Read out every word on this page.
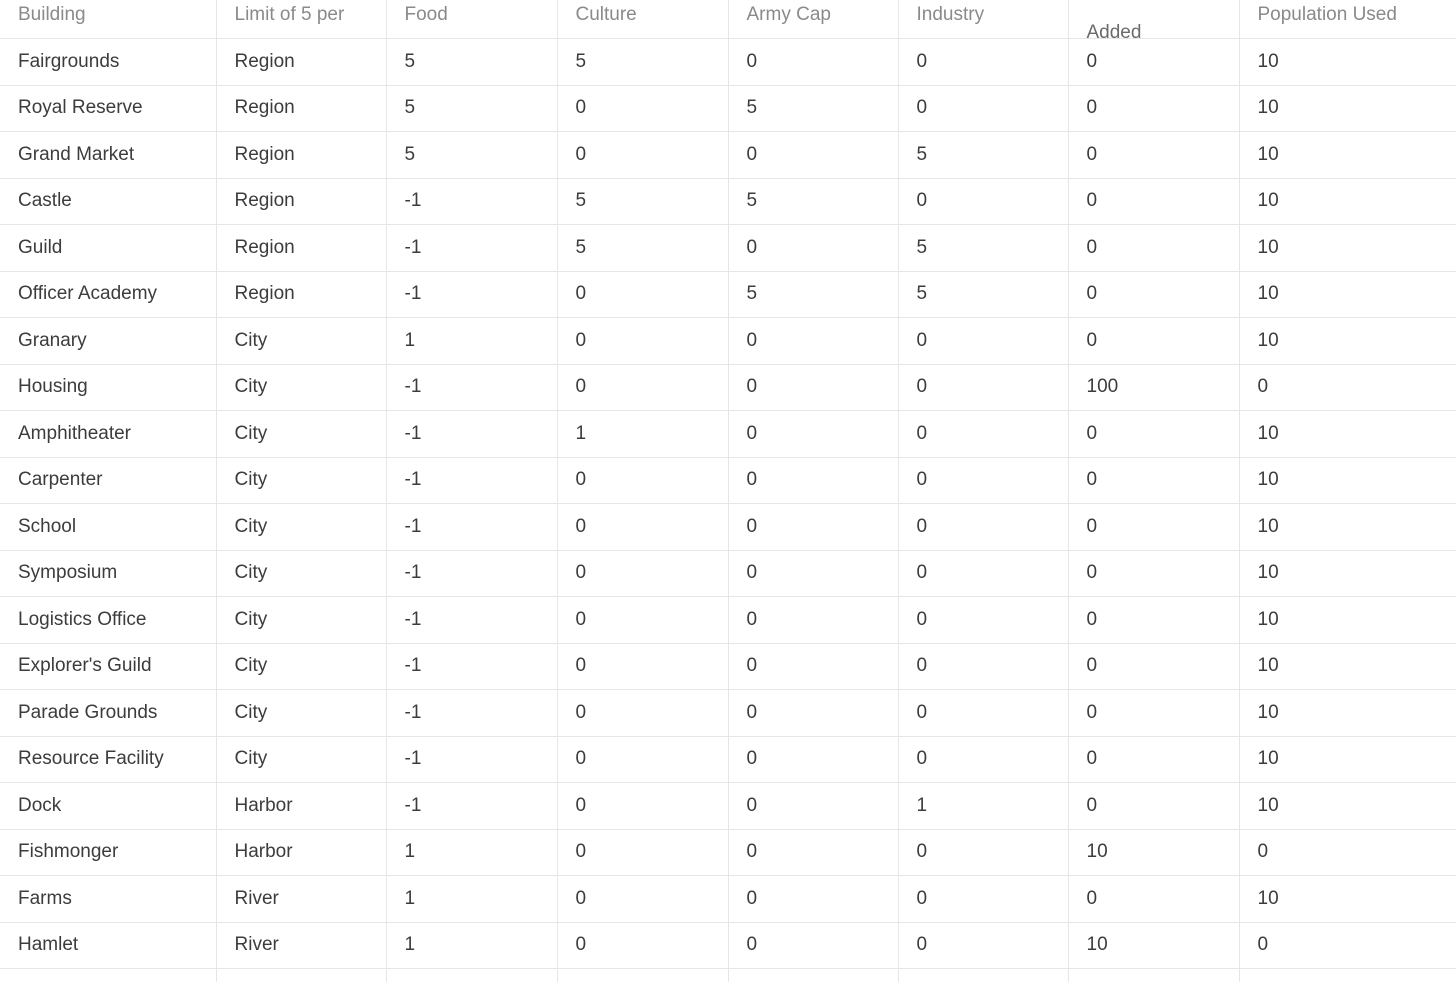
Building	Limit of 5 per	Food	Culture	Army Cap	Industry	Added	Population Used

Fairgrounds	Region	5	5	0	0	0	10
Royal Reserve	Region	5	0	5	0	0	10
Grand Market	Region	5	0	0	5	0	10
Castle	Region	-1	5	5	0	0	10
Guild	Region	-1	5	0	5	0	10
Officer Academy	Region	-1	0	5	5	0	10
Granary	City	1	0	0	0	0	10
Housing	City	-1	0	0	0	100	0
Amphitheater	City	-1	1	0	0	0	10
Carpenter	City	-1	0	0	0	0	10
School	City	-1	0	0	0	0	10
Symposium	City	-1	0	0	0	0	10
Logistics Office	City	-1	0	0	0	0	10
Explorer's Guild	City	-1	0	0	0	0	10
Parade Grounds	City	-1	0	0	0	0	10
Resource Facility	City	-1	0	0	0	0	10
Dock	Harbor	-1	0	0	1	0	10
Fishmonger	Harbor	1	0	0	0	10	0
Farms	River	1	0	0	0	0	10
Hamlet	River	1	0	0	0	10	0
